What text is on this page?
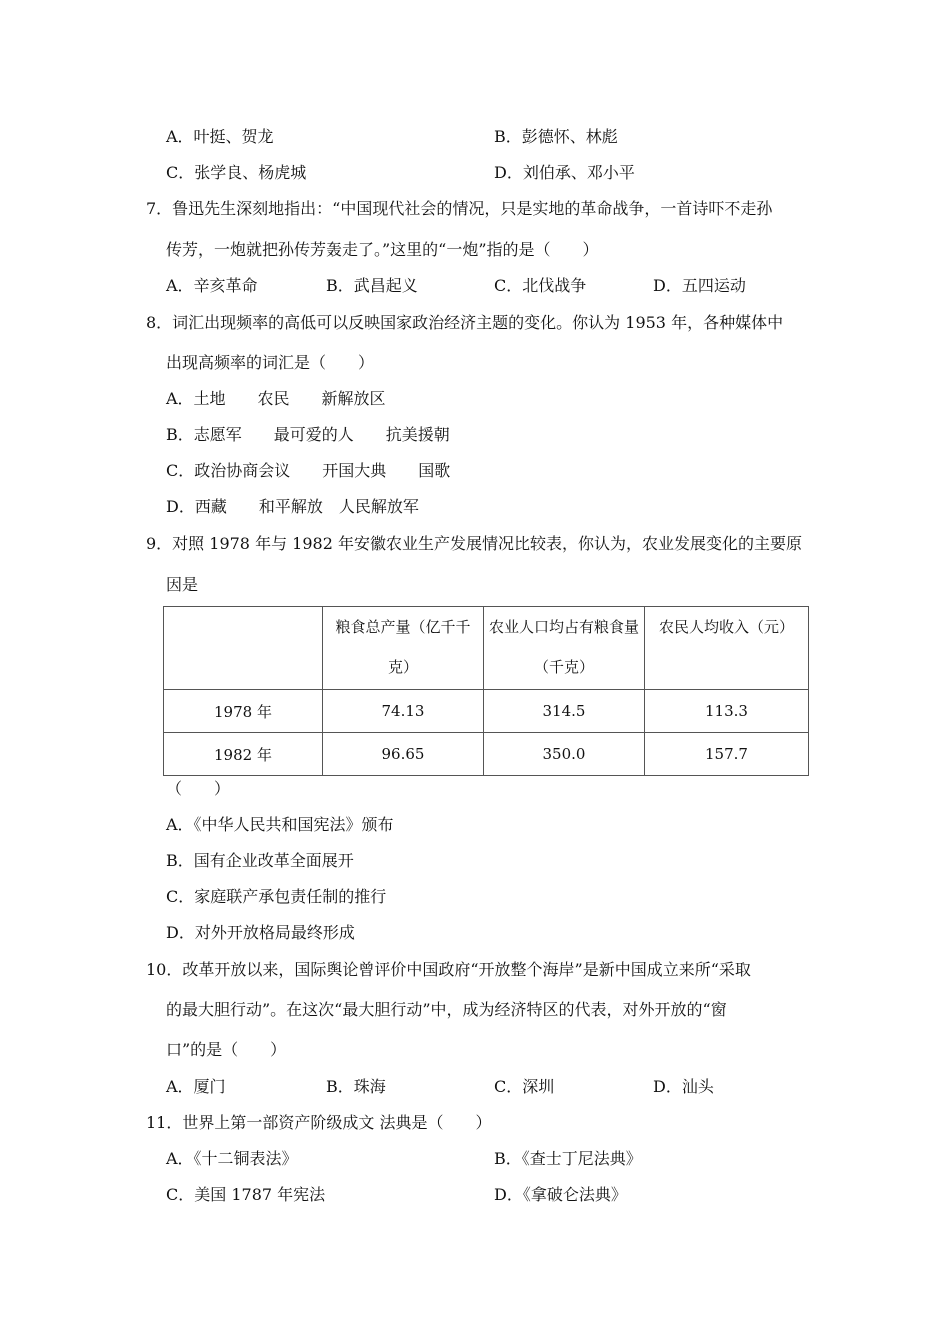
A．叶挺、贺龙	B．彭德怀、林彪
C．张学良、杨虎城	D．刘伯承、邓小平
7．鲁迅先生深刻地指出：“中国现代社会的情况，只是实地的革命战争，一首诗吓不走孙
传芳，一炮就把孙传芳轰走了。”这里的“一炮”指的是（　　）
A．辛亥革命	B．武昌起义	C．北伐战争	D．五四运动
8．词汇出现频率的高低可以反映国家政治经济主题的变化。你认为 1953 年，各种媒体中
出现高频率的词汇是（　　）
A．土地　　农民　　新解放区
B．志愿军　　最可爱的人　　抗美援朝
C．政治协商会议　　开国大典　　国歌
D．西藏　　和平解放　人民解放军
9．对照 1978 年与 1982 年安徽农业生产发展情况比较表，你认为，农业发展变化的主要原
因是
	粮食总产量（亿千千克）	农业人口均占有粮食量（千克）	农民人均收入（元）
1978 年	74.13	314.5	113.3
1982 年	96.65	350.0	157.7
（　　）
A．《中华人民共和国宪法》颁布
B．国有企业改革全面展开
C．家庭联产承包责任制的推行
D．对外开放格局最终形成
10．改革开放以来，国际舆论曾评价中国政府“开放整个海岸”是新中国成立来所“采取
的最大胆行动”。在这次“最大胆行动”中，成为经济特区的代表，对外开放的“窗
口”的是（　　）
A．厦门	B．珠海	C．深圳	D．汕头
11．世界上第一部资产阶级成文 法典是（　　）
A．《十二铜表法》	B．《查士丁尼法典》
C．美国 1787 年宪法	D．《拿破仑法典》
